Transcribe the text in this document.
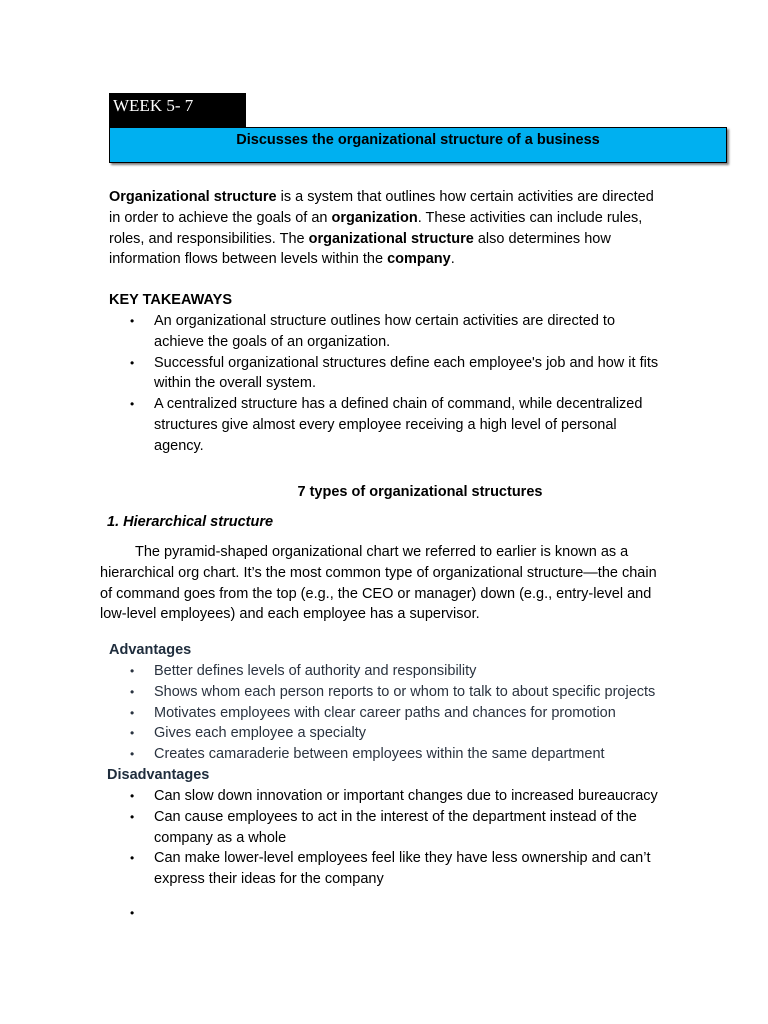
WEEK 5- 7
Discusses the organizational structure of a business

Organizational structure is a system that outlines how certain activities are directed in order to achieve the goals of an organization. These activities can include rules, roles, and responsibilities. The organizational structure also determines how information flows between levels within the company.

KEY TAKEAWAYS
• An organizational structure outlines how certain activities are directed to achieve the goals of an organization.
• Successful organizational structures define each employee's job and how it fits within the overall system.
• A centralized structure has a defined chain of command, while decentralized structures give almost every employee receiving a high level of personal agency.
7 types of organizational structures
1. Hierarchical structure

The pyramid-shaped organizational chart we referred to earlier is known as a hierarchical org chart. It’s the most common type of organizational structure—the chain of command goes from the top (e.g., the CEO or manager) down (e.g., entry-level and low-level employees) and each employee has a supervisor.

Advantages
• Better defines levels of authority and responsibility
• Shows whom each person reports to or whom to talk to about specific projects
• Motivates employees with clear career paths and chances for promotion
• Gives each employee a specialty
• Creates camaraderie between employees within the same department
Disadvantages
• Can slow down innovation or important changes due to increased bureaucracy
• Can cause employees to act in the interest of the department instead of the company as a whole
• Can make lower-level employees feel like they have less ownership and can’t express their ideas for the company
•
